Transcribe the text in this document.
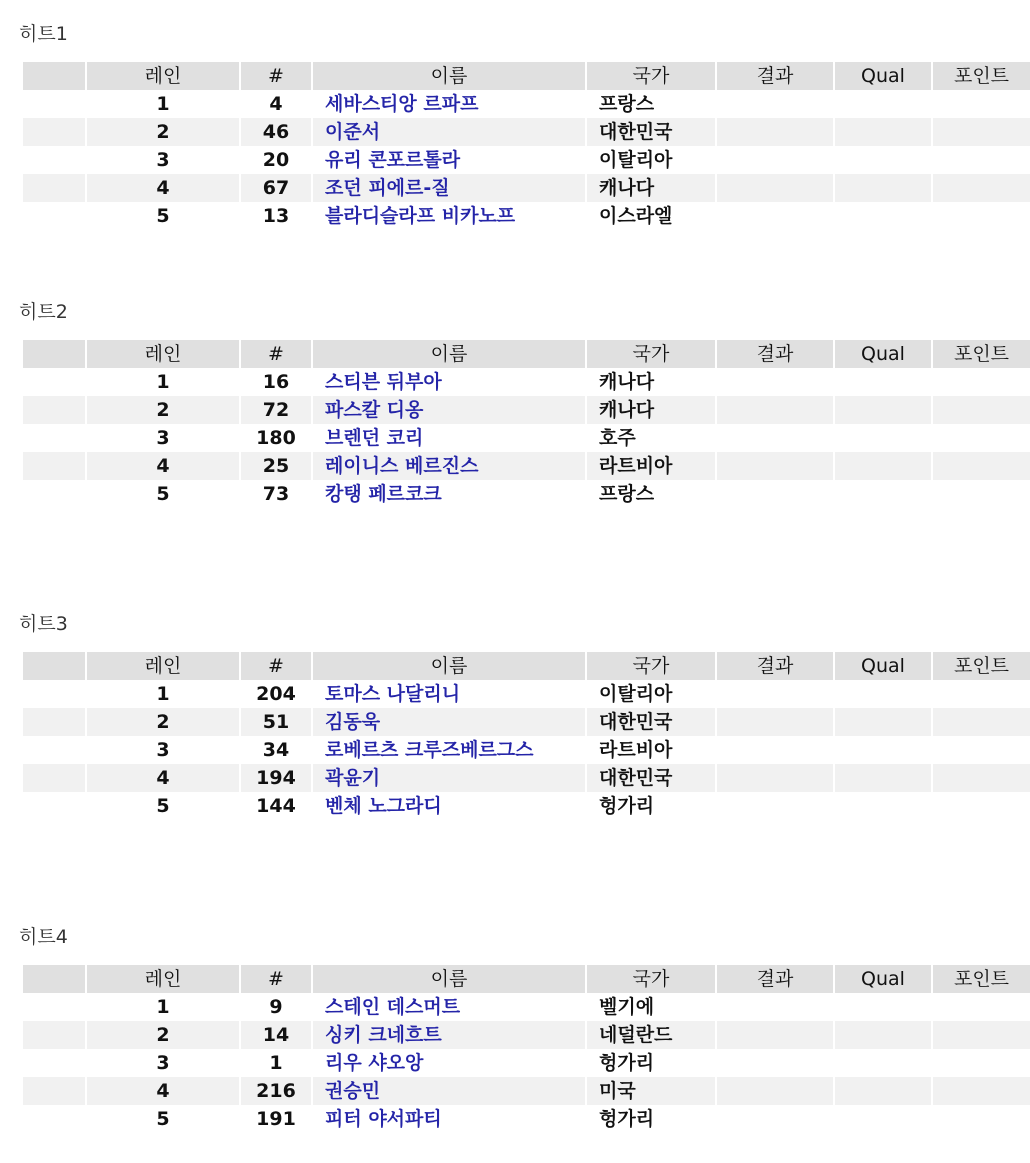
히트1
	레인	#	이름	국가	결과	Qual	포인트
	1	4	세바스티앙 르파프	프랑스			
	2	46	이준서	대한민국			
	3	20	유리 콘포르톨라	이탈리아			
	4	67	조던 피에르-질	캐나다			
	5	13	블라디슬라프 비카노프	이스라엘			
히트2
	레인	#	이름	국가	결과	Qual	포인트
	1	16	스티븐 뒤부아	캐나다			
	2	72	파스칼 디옹	캐나다			
	3	180	브렌던 코리	호주			
	4	25	레이니스 베르진스	라트비아			
	5	73	캉탱 페르코크	프랑스			
히트3
	레인	#	이름	국가	결과	Qual	포인트
	1	204	토마스 나달리니	이탈리아			
	2	51	김동욱	대한민국			
	3	34	로베르츠 크루즈베르그스	라트비아			
	4	194	곽윤기	대한민국			
	5	144	벤체 노그라디	헝가리			
히트4
	레인	#	이름	국가	결과	Qual	포인트
	1	9	스테인 데스머트	벨기에			
	2	14	싱키 크네흐트	네덜란드			
	3	1	리우 샤오앙	헝가리			
	4	216	권승민	미국			
	5	191	피터 야서파티	헝가리			
